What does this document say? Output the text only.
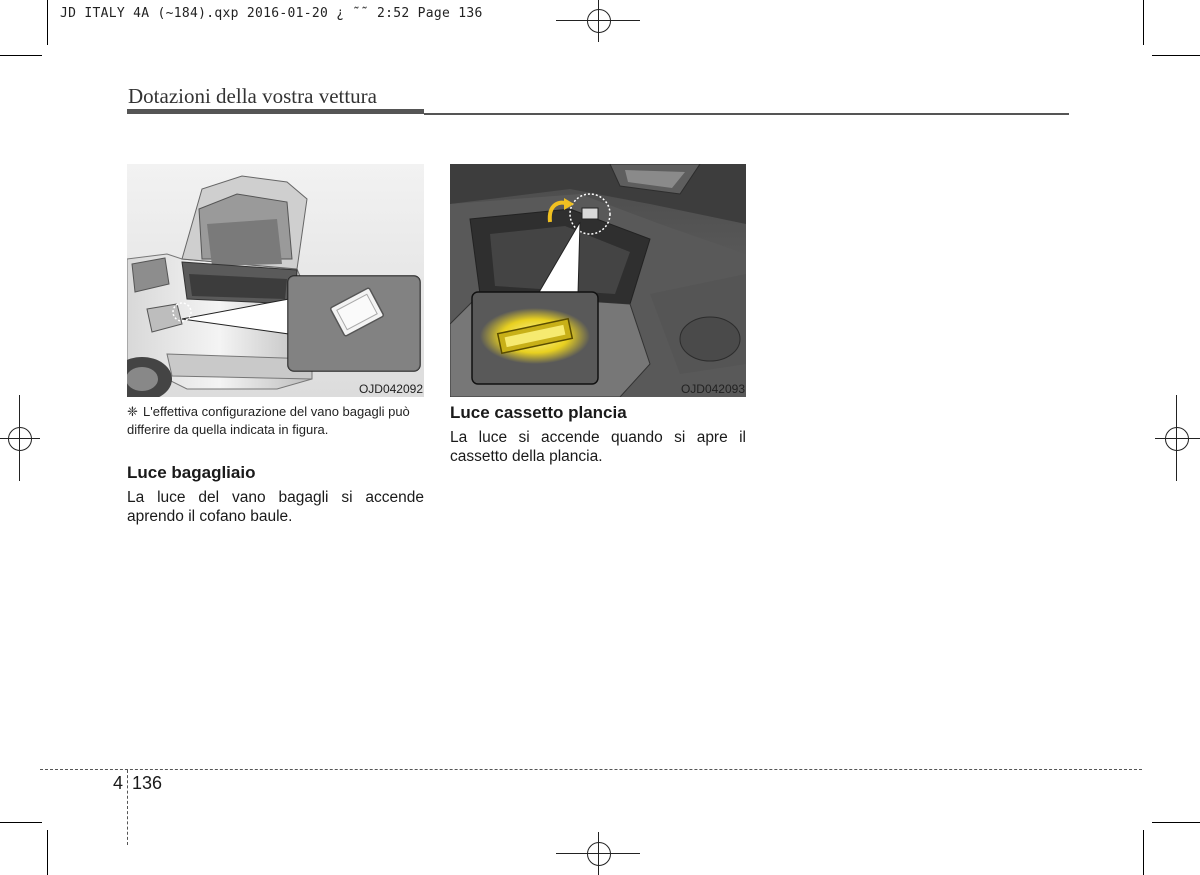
JD ITALY 4A (~184).qxp 2016-01-20 ¿ ˜˜ 2:52 Page 136
Dotazioni della vostra vettura
OJD042092	OJD042093
❈ L'effettiva configurazione del vano bagagli può differire da quella indicata in figura.
Luce bagagliaio
La luce del vano bagagli si accende aprendo il cofano baule.
Luce cassetto plancia
La luce si accende quando si apre il cassetto della plancia.
4 136
